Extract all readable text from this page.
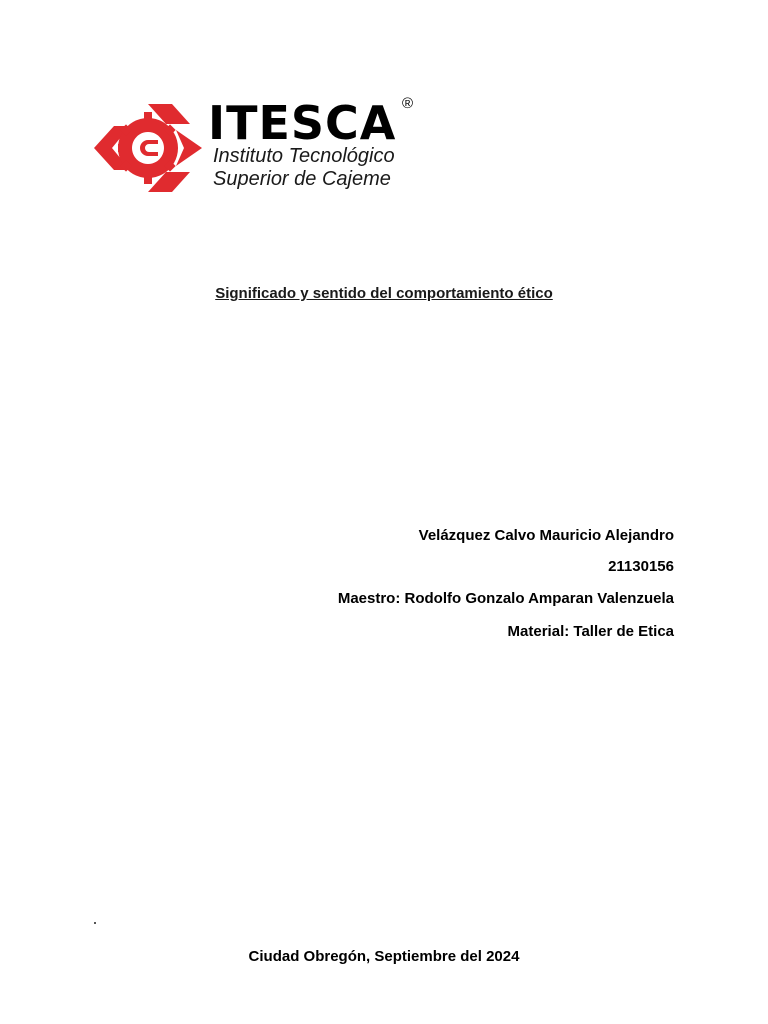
ITESCA ®
Instituto Tecnológico
Superior de Cajeme
Significado y sentido del comportamiento ético
Velázquez Calvo Mauricio Alejandro
21130156
Maestro: Rodolfo Gonzalo Amparan Valenzuela
Material: Taller de Etica
Ciudad Obregón, Septiembre del 2024
